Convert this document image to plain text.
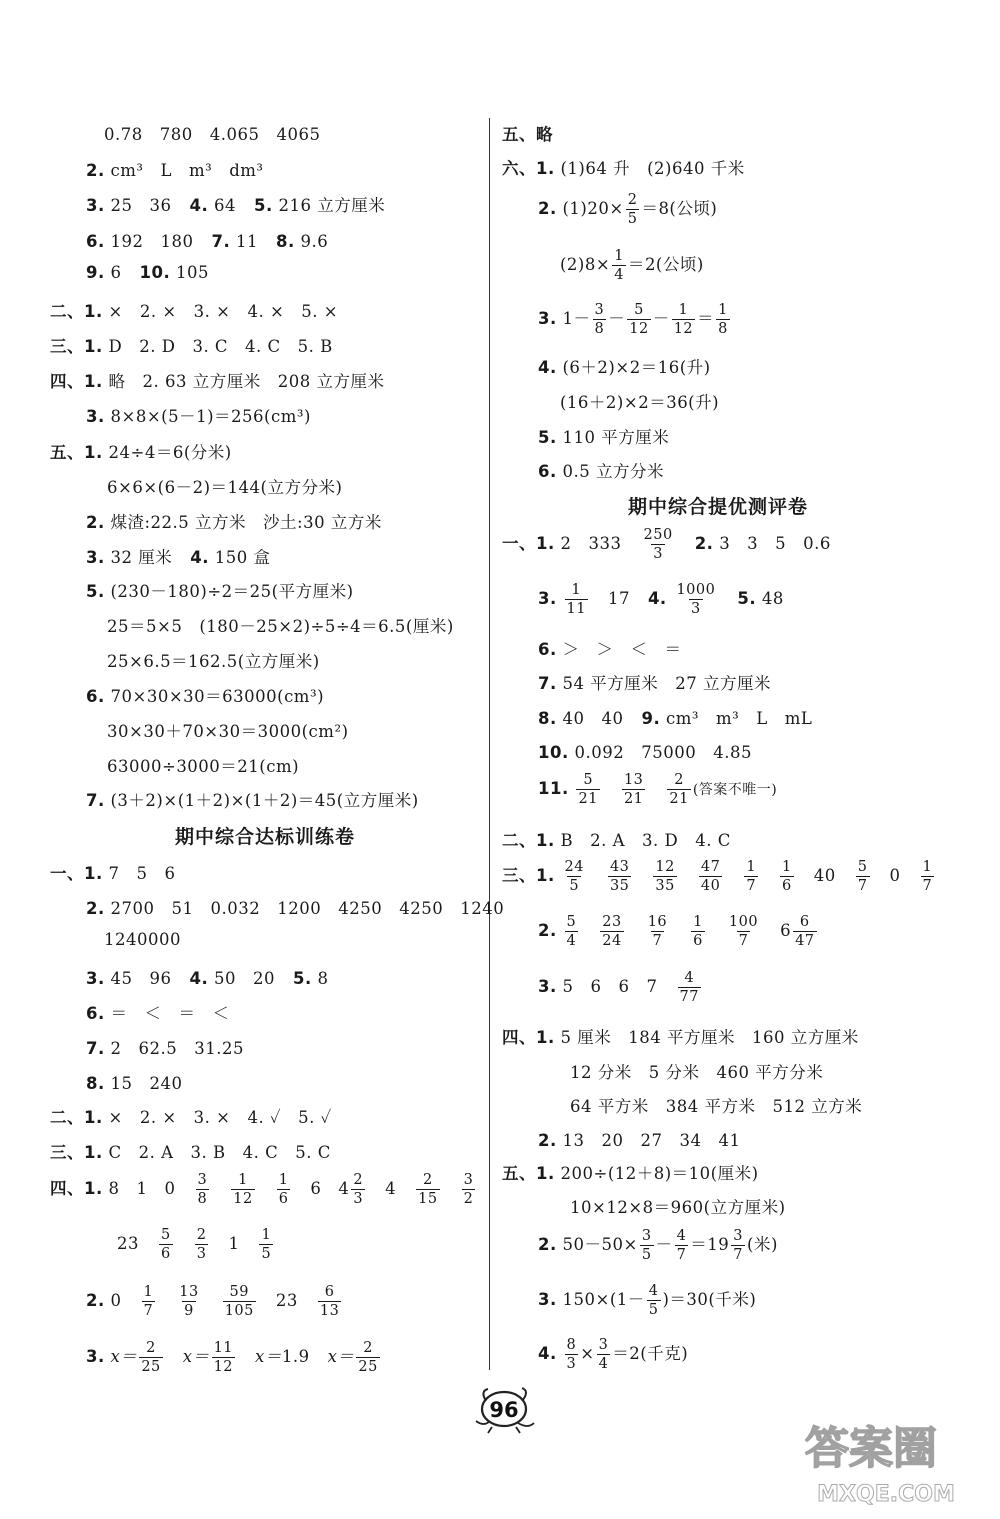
0.78　780　4.065　4065
2. cm³　L　m³　dm³
3. 25　36 4. 64 5. 216 立方厘米
6. 192　180 7. 11 8. 9.6
9. 6 10. 105
二、1. ×　2. ×　3. ×　4. ×　5. ×
三、1. D　2. D　3. C　4. C　5. B
四、1. 略　2. 63 立方厘米　208 立方厘米
3. 8×8×(5－1)＝256(cm³)
五、1. 24÷4＝6(分米)
6×6×(6－2)＝144(立方分米)
2. 煤渣:22.5 立方米　沙土:30 立方米
3. 32 厘米 4. 150 盒
5. (230－180)÷2＝25(平方厘米)
25＝5×5　(180－25×2)÷5÷4＝6.5(厘米)
25×6.5＝162.5(立方厘米)
6. 70×30×30＝63000(cm³)
30×30＋70×30＝3000(cm²)
63000÷3000＝21(cm)
7. (3＋2)×(1＋2)×(1＋2)＝45(立方厘米)
期中综合达标训练卷
一、1. 7　5　6
2. 2700　51　0.032　1200　4250　4250　1240
1240000
3. 45　96 4. 50　20 5. 8
6. ＝　＜　＝　＜
7. 2　62.5　31.25
8. 15　240
二、1. ×　2. ×　3. ×　4. ✓　5. ✓
三、1. C　2. A　3. B　4. C　5. C
四、1. 8　1　$0 \frac{3}{8} \frac{1}{12} \frac{1}{6} 6$　$4 \frac{2}{3} 4 \frac{2}{15} \frac{3}{2}$
$23 \frac{5}{6} \frac{2}{3} 1 \frac{1}{5}$
2. $0 \frac{1}{7} \frac{13}{9} \frac{59}{105} 23 \frac{6}{13}$
3. $x= \frac{2}{25} x= \frac{11}{12} x=1.9$ $x= \frac{2}{25}$
五、略
六、1. (1)64 升　(2)640 千米
2. $(1)20\times \frac{2}{5} =8$(公顷)
$(2)8\times \frac{1}{4} =2$(公顷)
3. $1- \frac{3}{8} - \frac{5}{12} - \frac{1}{12} = \frac{1}{8}$
4. (6＋2)×2＝16(升)
(16＋2)×2＝36(升)
5. 110 平方厘米
6. 0.5 立方分米
期中综合提优测评卷
一、1. 2　$333 \frac{250}{3} 2$. 3　3　5　0.6
3. $\frac{1}{11} 17$ 4. $\frac{1000}{3} 5$. 48
6. ＞　＞　＜　＝
7. 54 平方厘米　27 立方厘米
8. 40　40 9. cm³　m³　L　mL
10. 0.092　75000　4.85
11. $\frac{5}{21} \frac{13}{21} \frac{2}{21}$ (答案不唯一)
二、1. B　2. A　3. D　4. C
三、1. $\frac{24}{5} \frac{43}{35} \frac{12}{35} \frac{47}{40} \frac{1}{7} \frac{1}{6} 40 \frac{5}{7} 0 \frac{1}{7}$
2. $\frac{5}{4} \frac{23}{24} \frac{16}{7} \frac{1}{6} \frac{100}{7} 6 \frac{6}{47}$
3. 5　6　6　$7 \frac{4}{77}$
四、1. 5 厘米　184 平方厘米　160 立方厘米
12 分米　5 分米　460 平方分米
64 平方米　384 平方米　512 立方米
2. 13　20　27　34　41
五、1. 200÷(12＋8)＝10(厘米)
10×12×8＝960(立方厘米)
2. $50-50\times \frac{3}{5} - \frac{4}{7} =19 \frac{3}{7}$ (米)
3. $150\times(1- \frac{4}{5} )=30$(千米)
4. $\frac{8}{3} \times \frac{3}{4} =2$(千克)
96
答案圈
MXQE.COM
